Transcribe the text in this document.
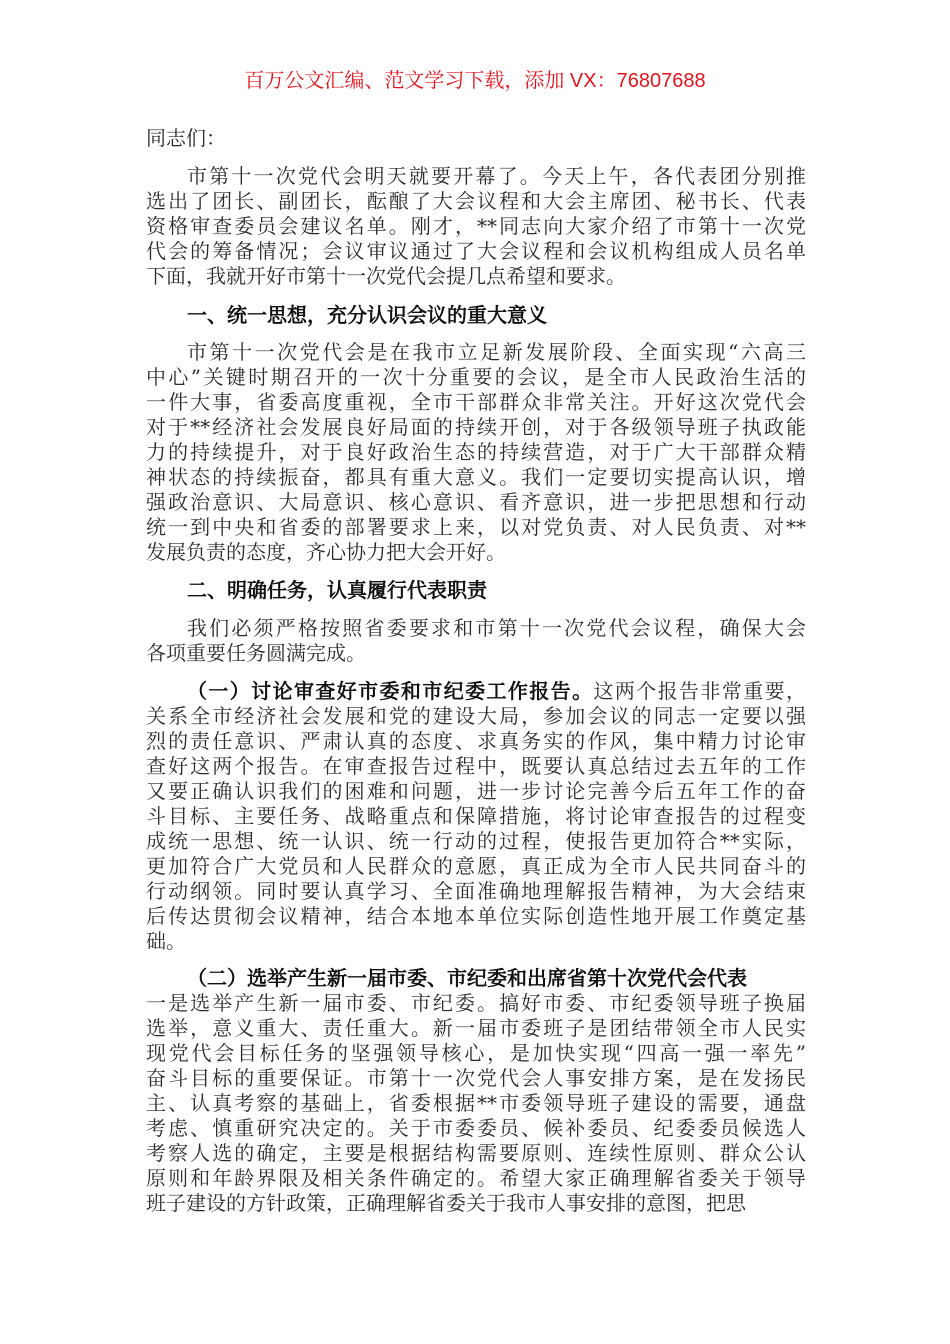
百万公文汇编、范文学习下载，添加 VX：76807688
同志们：
市第十一次党代会明天就要开幕了。今天上午，各代表团分别推
选出了团长、副团长，酝酿了大会议程和大会主席团、秘书长、代表
资格审查委员会建议名单。刚才，**同志向大家介绍了市第十一次党
代会的筹备情况；会议审议通过了大会议程和会议机构组成人员名单
下面，我就开好市第十一次党代会提几点希望和要求。
一、统一思想，充分认识会议的重大意义
市第十一次党代会是在我市立足新发展阶段、全面实现“六高三
中心”关键时期召开的一次十分重要的会议，是全市人民政治生活的
一件大事，省委高度重视，全市干部群众非常关注。开好这次党代会
对于**经济社会发展良好局面的持续开创，对于各级领导班子执政能
力的持续提升，对于良好政治生态的持续营造，对于广大干部群众精
神状态的持续振奋，都具有重大意义。我们一定要切实提高认识，增
强政治意识、大局意识、核心意识、看齐意识，进一步把思想和行动
统一到中央和省委的部署要求上来，以对党负责、对人民负责、对**
发展负责的态度，齐心协力把大会开好。
二、明确任务，认真履行代表职责
我们必须严格按照省委要求和市第十一次党代会议程，确保大会
各项重要任务圆满完成。
（一）讨论审查好市委和市纪委工作报告。这两个报告非常重要，
关系全市经济社会发展和党的建设大局，参加会议的同志一定要以强
烈的责任意识、严肃认真的态度、求真务实的作风，集中精力讨论审
查好这两个报告。在审查报告过程中，既要认真总结过去五年的工作
又要正确认识我们的困难和问题，进一步讨论完善今后五年工作的奋
斗目标、主要任务、战略重点和保障措施，将讨论审查报告的过程变
成统一思想、统一认识、统一行动的过程，使报告更加符合**实际，
更加符合广大党员和人民群众的意愿，真正成为全市人民共同奋斗的
行动纲领。同时要认真学习、全面准确地理解报告精神，为大会结束
后传达贯彻会议精神，结合本地本单位实际创造性地开展工作奠定基
础。
（二）选举产生新一届市委、市纪委和出席省第十次党代会代表
一是选举产生新一届市委、市纪委。搞好市委、市纪委领导班子换届
选举，意义重大、责任重大。新一届市委班子是团结带领全市人民实
现党代会目标任务的坚强领导核心，是加快实现“四高一强一率先”
奋斗目标的重要保证。市第十一次党代会人事安排方案，是在发扬民
主、认真考察的基础上，省委根据**市委领导班子建设的需要，通盘
考虑、慎重研究决定的。关于市委委员、候补委员、纪委委员候选人
考察人选的确定，主要是根据结构需要原则、连续性原则、群众公认
原则和年龄界限及相关条件确定的。希望大家正确理解省委关于领导
班子建设的方针政策，正确理解省委关于我市人事安排的意图，把思
